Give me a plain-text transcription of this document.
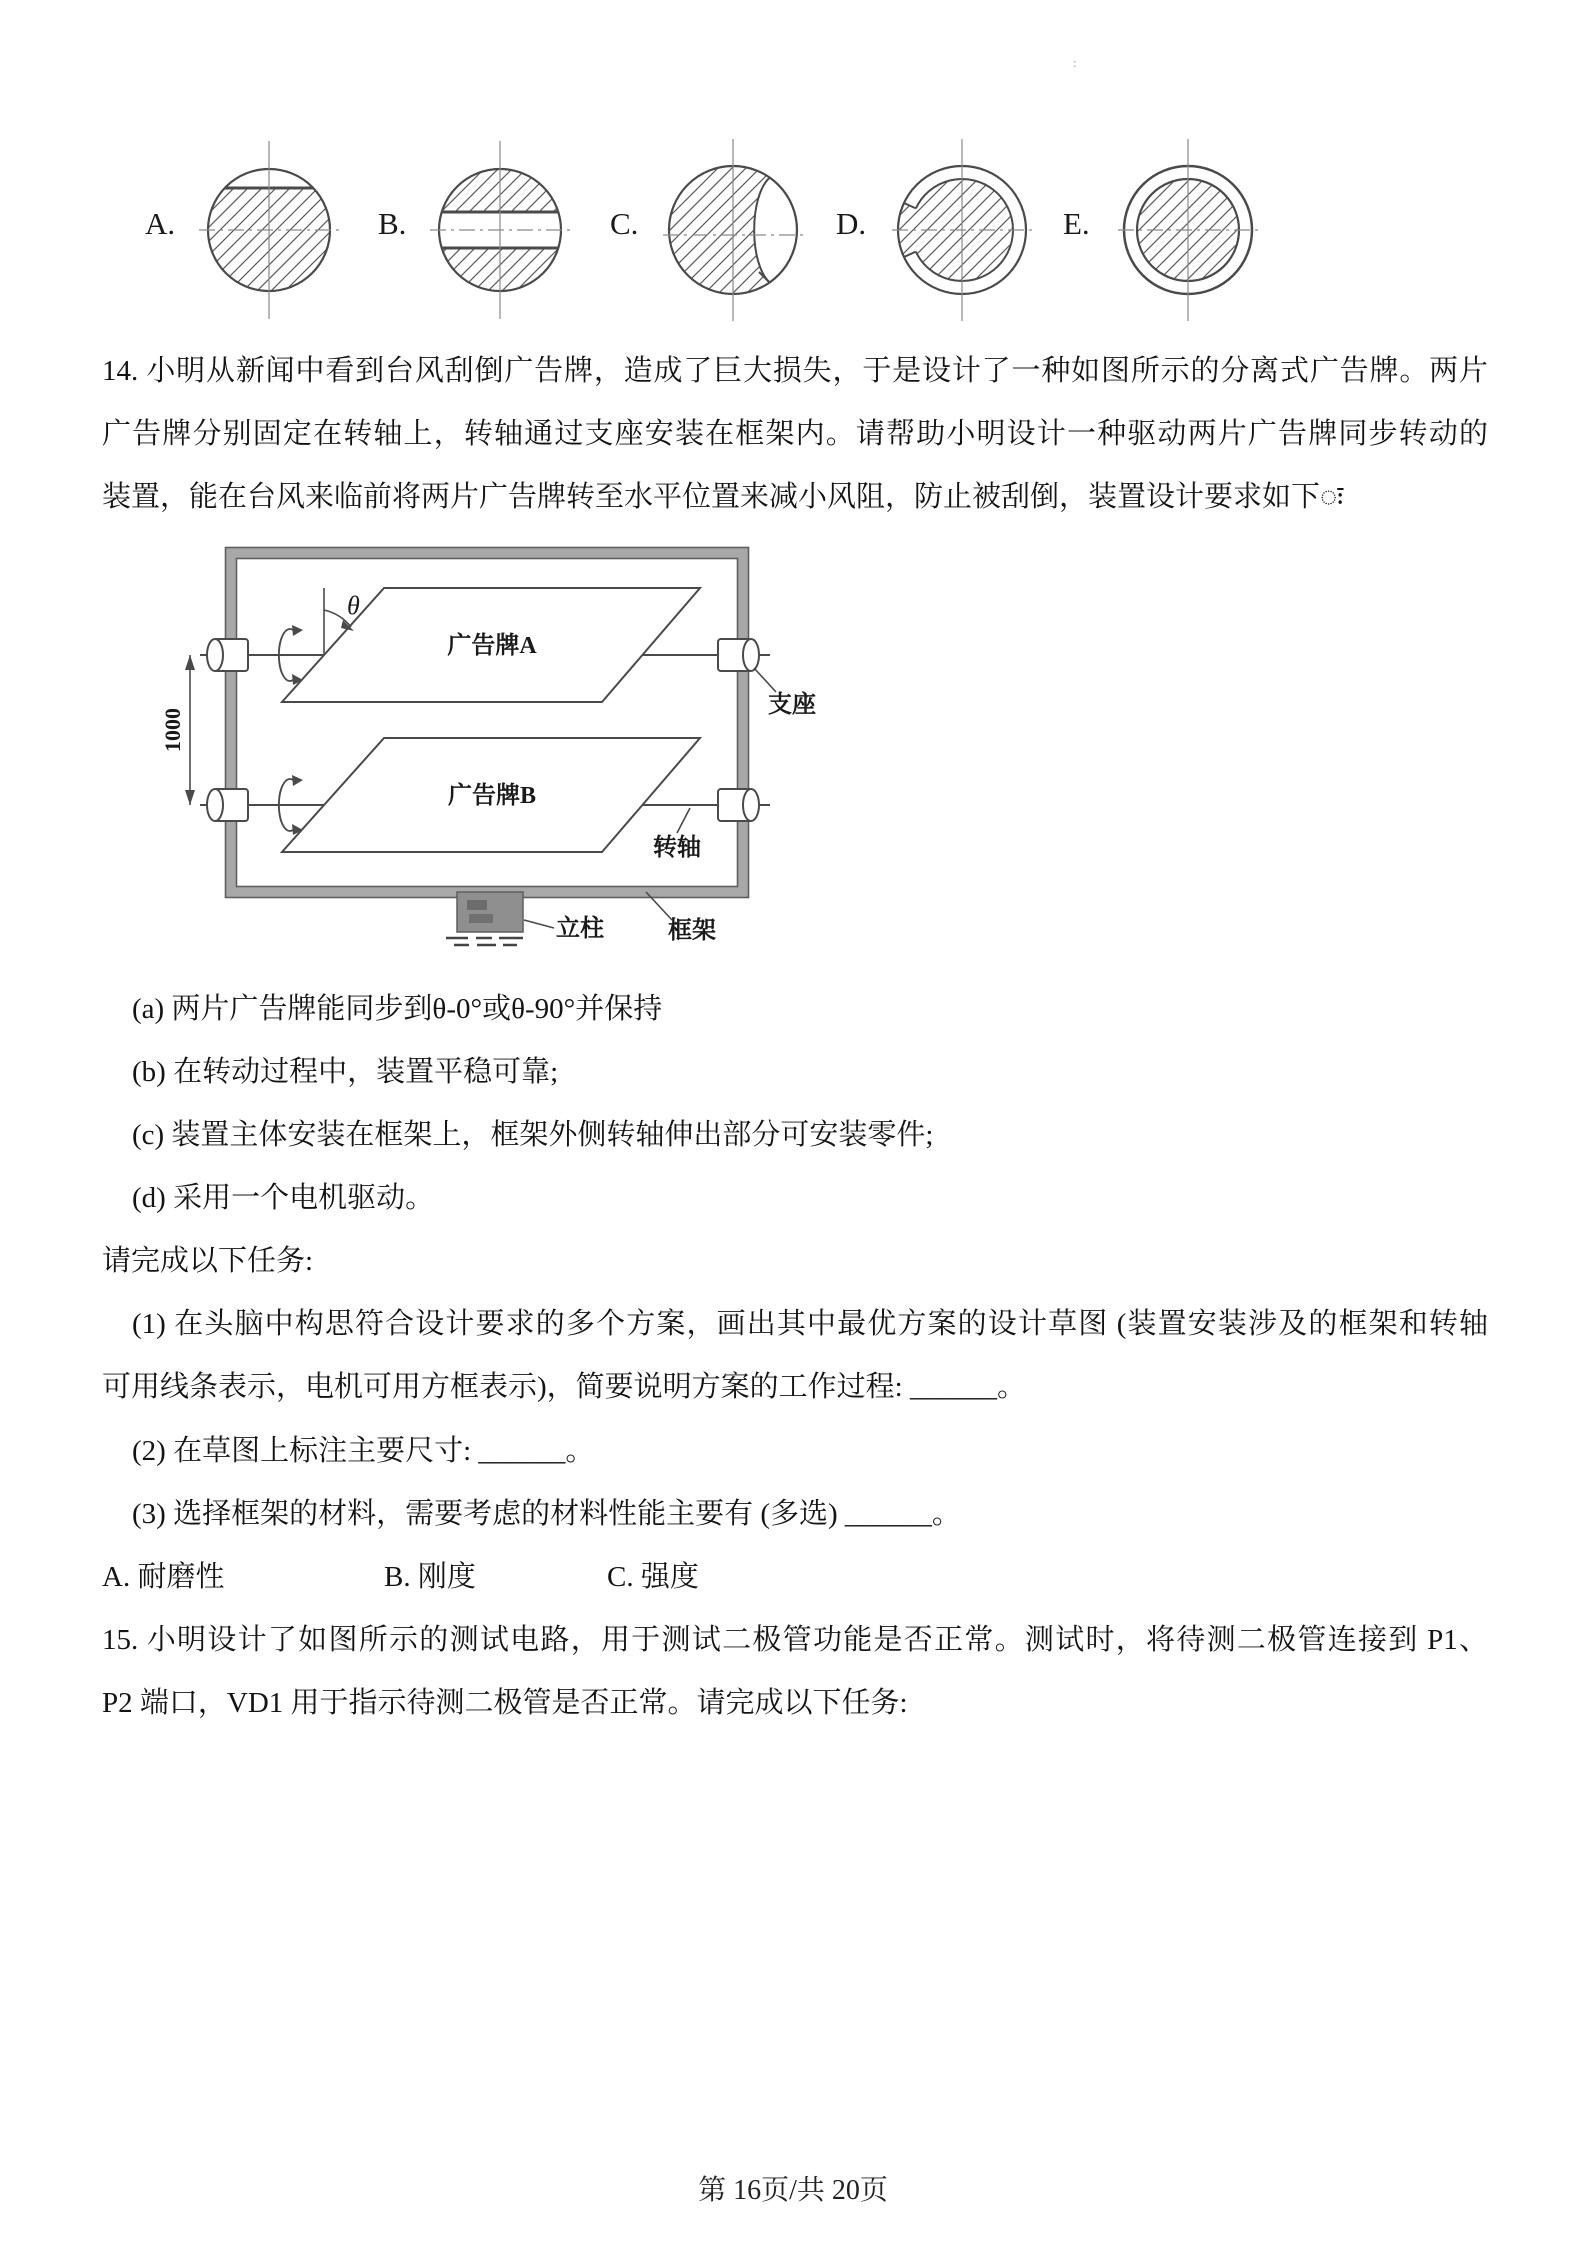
:
A.	B.	C.	D.	E.
14. 小明从新闻中看到台风刮倒广告牌，造成了巨大损失，于是设计了一种如图所示的分离式广告牌。两片
广告牌分别固定在转轴上，转轴通过支座安装在框架内。请帮助小明设计一种驱动两片广告牌同步转动的
装置，能在台风来临前将两片广告牌转至水平位置来减小风阻，防止被刮倒，装置设计要求如下ः
1000
广告牌A
广告牌B
θ
支座
转轴
立柱	框架
(a) 两片广告牌能同步到θ-0°或θ-90°并保持
(b) 在转动过程中，装置平稳可靠;
(c) 装置主体安装在框架上，框架外侧转轴伸出部分可安装零件;
(d) 采用一个电机驱动。
请完成以下任务:
(1) 在头脑中构思符合设计要求的多个方案，画出其中最优方案的设计草图 (装置安装涉及的框架和转轴
可用线条表示，电机可用方框表示)，简要说明方案的工作过程: ______。
(2) 在草图上标注主要尺寸: ______。
(3) 选择框架的材料，需要考虑的材料性能主要有 (多选) ______。
A. 耐磨性	B. 刚度	C. 强度
15. 小明设计了如图所示的测试电路，用于测试二极管功能是否正常。测试时，将待测二极管连接到 P1、
P2 端口，VD1 用于指示待测二极管是否正常。请完成以下任务:
第 16页/共 20页
